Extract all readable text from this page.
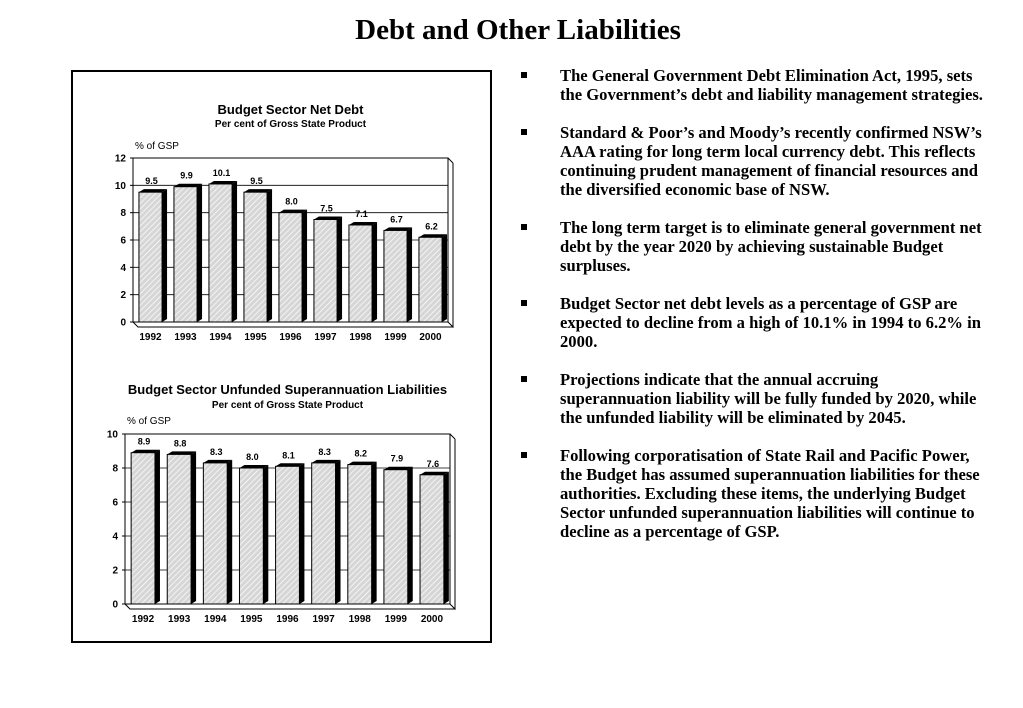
Debt and Other Liabilities
Budget Sector Net Debt
Per cent of Gross State Product
% of GSP
0
2
4
6
8
10
12
9.5
1992
9.9
1993
10.1
1994
9.5
1995
8.0
1996
7.5
1997
7.1
1998
6.7
1999
6.2
2000
Budget Sector Unfunded Superannuation Liabilities
Per cent of Gross State Product
% of GSP
0
2
4
6
8
10
8.9
1992
8.8
1993
8.3
1994
8.0
1995
8.1
1996
8.3
1997
8.2
1998
7.9
1999
7.6
2000
The General Government Debt Elimination Act, 1995, sets the Government’s debt and liability management strategies.
Standard & Poor’s and Moody’s recently confirmed NSW’s AAA rating for long term local currency debt. This reflects continuing prudent management of financial resources and the diversified economic base of NSW.
The long term target is to eliminate general government net debt by the year 2020 by achieving sustainable Budget surpluses.
Budget Sector net debt levels as a percentage of GSP are expected to decline from a high of 10.1% in 1994 to 6.2% in 2000.
Projections indicate that the annual accruing superannuation liability will be fully funded by 2020, while the unfunded liability will be eliminated by 2045.
Following corporatisation of State Rail and Pacific Power, the Budget has assumed superannuation liabilities for these authorities. Excluding these items, the underlying Budget Sector unfunded superannuation liabilities will continue to decline as a percentage of GSP.
